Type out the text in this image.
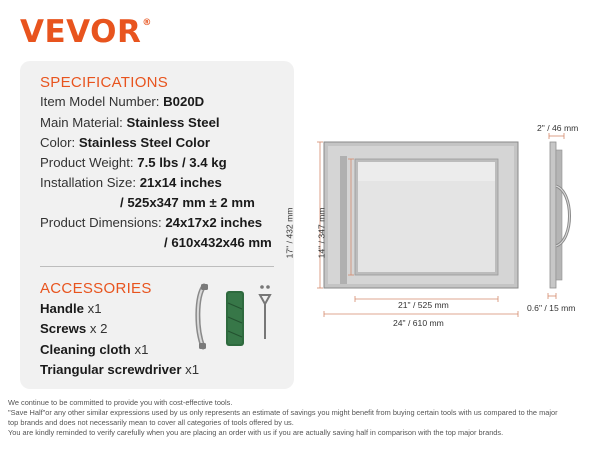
VEVOR®
SPECIFICATIONS
Item Model Number: B020D
Main Material: Stainless Steel
Color: Stainless Steel Color
Product Weight: 7.5 lbs / 3.4 kg
Installation Size: 21x14 inches
/ 525x347 mm ± 2 mm
Product Dimensions: 24x17x2 inches
/ 610x432x46 mm
ACCESSORIES
Handle x1
Screws x 2
Cleaning cloth x1
Triangular screwdriver x1
17" / 432 mm	14" / 347 mm
21" / 525 mm
24" / 610 mm
2" / 46 mm
0.6" / 15 mm
We continue to be committed to provide you with cost-effective tools.
"Save Half"or any other similar expressions used by us only represents an estimate of savings you might benefit from buying certain tools with us compared to the major
top brands and does not necessarily mean to cover all categories of tools offered by us.
You are kindly reminded to verify carefully when you are placing an order with us if you are actually saving half in comparison with the top major brands.
